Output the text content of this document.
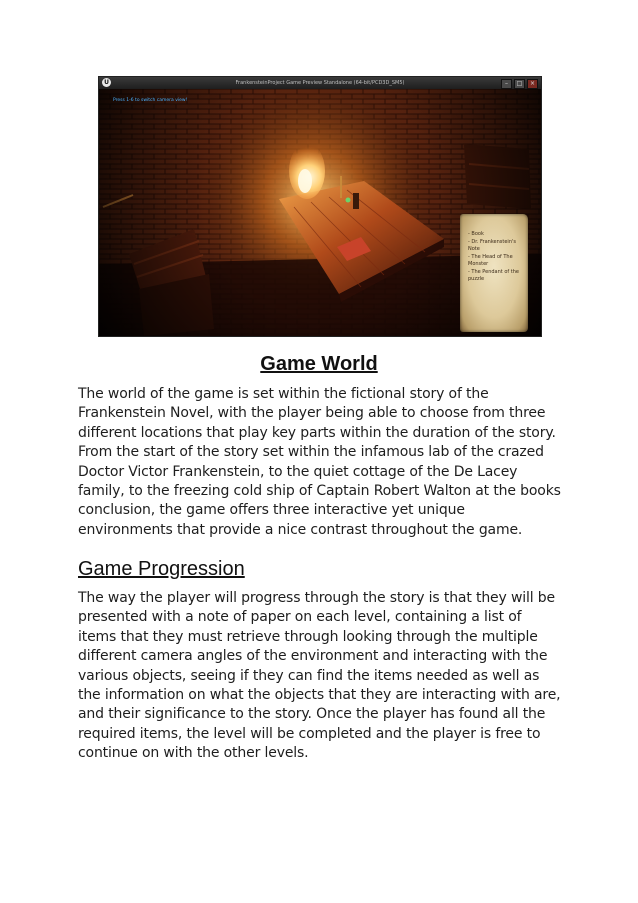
U	FrankensteinProject Game Preview Standalone (64-bit/PCD3D_SM5)	–	□	×
Press 1-6 to switch camera view!
- Book
- Dr. Frankenstein's Note
- The Head of The Monster
- The Pendant of the puzzle
Game World
The world of the game is set within the fictional story of the Frankenstein Novel, with the player being able to choose from three different locations that play key parts within the duration of the story. From the start of the story set within the infamous lab of the crazed Doctor Victor Frankenstein, to the quiet cottage of the De Lacey family, to the freezing cold ship of Captain Robert Walton at the books conclusion, the game offers three interactive yet unique environments that provide a nice contrast throughout the game.
Game Progression
The way the player will progress through the story is that they will be presented with a note of paper on each level, containing a list of items that they must retrieve through looking through the multiple different camera angles of the environment and interacting with the various objects, seeing if they can find the items needed as well as the information on what the objects that they are interacting with are, and their significance to the story. Once the player has found all the required items, the level will be completed and the player is free to continue on with the other levels.
